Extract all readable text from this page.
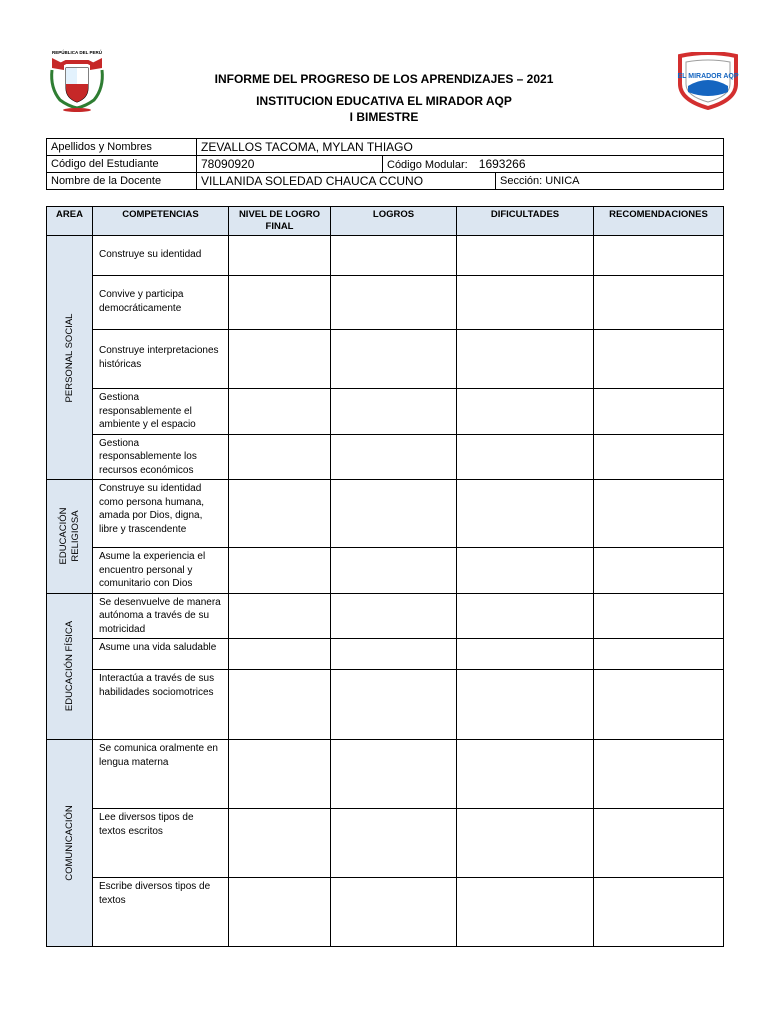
REPÚBLICA DEL PERÚ
EL MIRADOR AQP
INFORME DEL PROGRESO DE LOS APRENDIZAJES – 2021
INSTITUCION EDUCATIVA EL MIRADOR AQP
I BIMESTRE
Apellidos y Nombres	ZEVALLOS TACOMA, MYLAN THIAGO		
Código del Estudiante	78090920	Código Modular: 1693266	
Nombre de la Docente	VILLANIDA SOLEDAD CHAUCA CCUNO		Sección: UNICA
AREA	COMPETENCIAS	NIVEL DE LOGRO FINAL	LOGROS	DIFICULTADES	RECOMENDACIONES

PERSONAL SOCIAL	Construye su identidad				
	Convive y participa democráticamente				
	Construye interpretaciones históricas				
	Gestiona responsablemente el ambiente y el espacio				
	Gestiona responsablemente los recursos económicos				

EDUCACIÓN RELIGIOSA	Construye su identidad como persona humana, amada por Dios, digna, libre y trascendente				
	Asume la experiencia el encuentro personal y comunitario con Dios				

EDUCACIÓN FÍSICA	Se desenvuelve de manera autónoma a través de su motricidad				
	Asume una vida saludable				
	Interactúa a través de sus habilidades sociomotrices				

COMUNICACIÓN	Se comunica oralmente en lengua materna				
	Lee diversos tipos de textos escritos				
	Escribe diversos tipos de textos				
